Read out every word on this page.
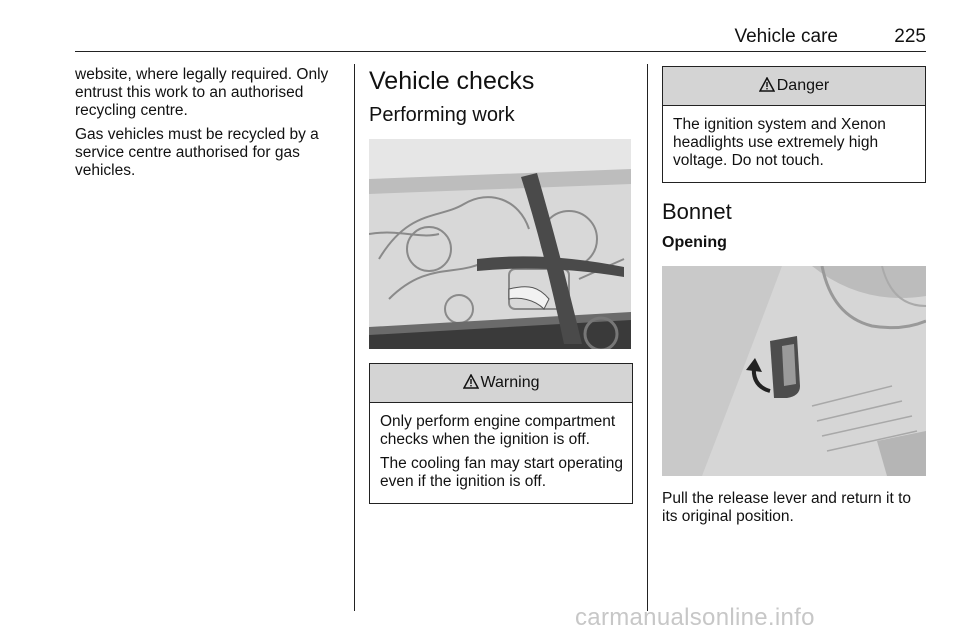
Vehicle care	225

website, where legally required. Only entrust this work to an authorised recycling centre.

Gas vehicles must be recycled by a service centre authorised for gas vehicles.

Vehicle checks
Performing work
Warning

Only perform engine compartment checks when the ignition is off.

The cooling fan may start operating even if the ignition is off.

Danger

The ignition system and Xenon headlights use extremely high voltage. Do not touch.

Bonnet
Opening

Pull the release lever and return it to its original position.

carmanualsonline.info
